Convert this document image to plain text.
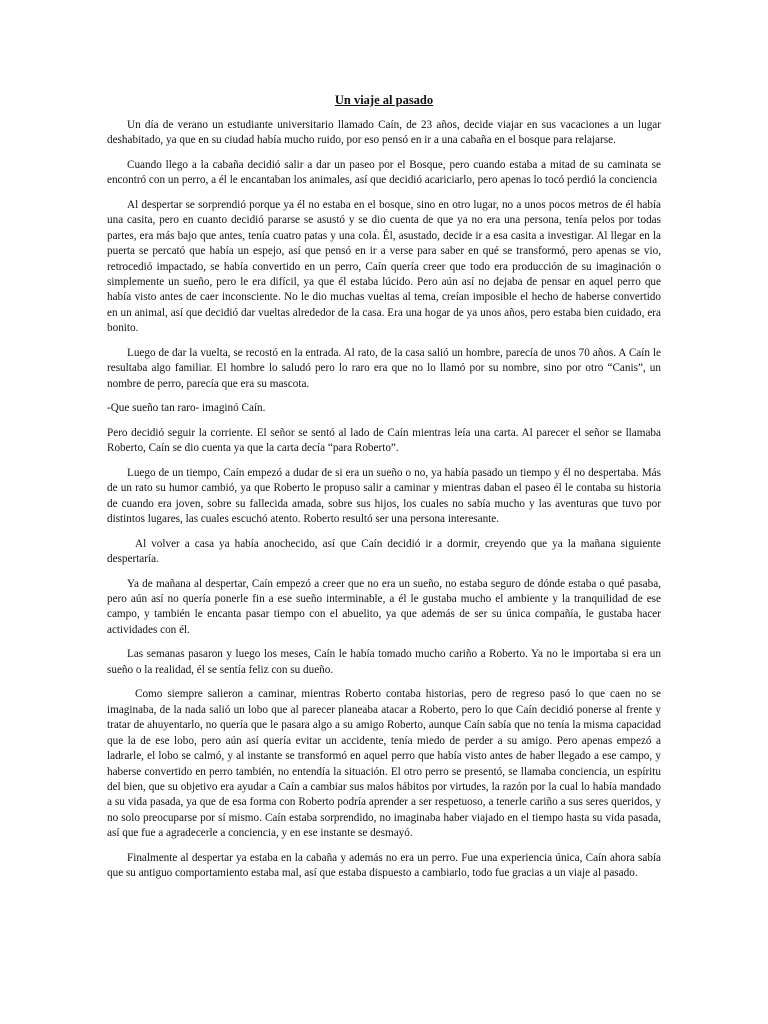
Un viaje al pasado

Un día de verano un estudiante universitario llamado Caín, de 23 años, decide viajar en sus vacaciones a un lugar deshabitado, ya que en su ciudad había mucho ruido, por eso pensó en ir a una cabaña en el bosque para relajarse.

Cuando llego a la cabaña decidió salir a dar un paseo por el Bosque, pero cuando estaba a mitad de su caminata se encontró con un perro, a él le encantaban los animales, así que decidió acariciarlo, pero apenas lo tocó perdió la conciencia

Al despertar se sorprendió porque ya él no estaba en el bosque, sino en otro lugar, no a unos pocos metros de él había una casita, pero en cuanto decidió pararse se asustó y se dio cuenta de que ya no era una persona, tenía pelos por todas partes, era más bajo que antes, tenía cuatro patas y una cola. Él, asustado, decide ir a esa casita a investigar. Al llegar en la puerta se percató que había un espejo, así que pensó en ir a verse para saber en qué se transformó, pero apenas se vio, retrocedió impactado, se había convertido en un perro, Caín quería creer que todo era producción de su imaginación o simplemente un sueño, pero le era difícil, ya que él estaba lúcido. Pero aún así no dejaba de pensar en aquel perro que había visto antes de caer inconsciente. No le dio muchas vueltas al tema, creían imposible el hecho de haberse convertido en un animal, así que decidió dar vueltas alrededor de la casa. Era una hogar de ya unos años, pero estaba bien cuidado, era bonito.

Luego de dar la vuelta, se recostó en la entrada. Al rato, de la casa salió un hombre, parecía de unos 70 años. A Caín le resultaba algo familiar. El hombre lo saludó pero lo raro era que no lo llamó por su nombre, sino por otro “Canis”, un nombre de perro, parecía que era su mascota.

-Que sueño tan raro- imaginó Caín.

Pero decidió seguir la corriente. El señor se sentó al lado de Caín mientras leía una carta. Al parecer el señor se llamaba Roberto, Caín se dio cuenta ya que la carta decía “para Roberto”.

Luego de un tiempo, Caín empezó a dudar de si era un sueño o no, ya había pasado un tiempo y él no despertaba. Más de un rato su humor cambió, ya que Roberto le propuso salir a caminar y mientras daban el paseo él le contaba su historia de cuando era joven, sobre su fallecida amada, sobre sus hijos, los cuales no sabía mucho y las aventuras que tuvo por distintos lugares, las cuales escuchó atento. Roberto resultó ser una persona interesante.

Al volver a casa ya había anochecido, así que Caín decidió ir a dormir, creyendo que ya la mañana siguiente despertaría.

Ya de mañana al despertar, Caín empezó a creer que no era un sueño, no estaba seguro de dónde estaba o qué pasaba, pero aún así no quería ponerle fin a ese sueño interminable, a él le gustaba mucho el ambiente y la tranquilidad de ese campo, y también le encanta pasar tiempo con el abuelito, ya que además de ser su única compañía, le gustaba hacer actividades con él.

Las semanas pasaron y luego los meses, Caín le había tomado mucho cariño a Roberto. Ya no le importaba si era un sueño o la realidad, él se sentía feliz con su dueño.

Como siempre salieron a caminar, mientras Roberto contaba historias, pero de regreso pasó lo que caen no se imaginaba, de la nada salió un lobo que al parecer planeaba atacar a Roberto, pero lo que Caín decidió ponerse al frente y tratar de ahuyentarlo, no quería que le pasara algo a su amigo Roberto, aunque Caín sabía que no tenía la misma capacidad que la de ese lobo, pero aún así quería evitar un accidente, tenía miedo de perder a su amigo. Pero apenas empezó a ladrarle, el lobo se calmó, y al instante se transformó en aquel perro que había visto antes de haber llegado a ese campo, y haberse convertido en perro también, no entendía la situación. El otro perro se presentó, se llamaba conciencia, un espíritu del bien, que su objetivo era ayudar a Caín a cambiar sus malos hábitos por virtudes, la razón por la cual lo había mandado a su vida pasada, ya que de esa forma con Roberto podría aprender a ser respetuoso, a tenerle cariño a sus seres queridos, y no solo preocuparse por sí mismo. Caín estaba sorprendido, no imaginaba haber viajado en el tiempo hasta su vida pasada, así que fue a agradecerle a conciencia, y en ese instante se desmayó.

Finalmente al despertar ya estaba en la cabaña y además no era un perro. Fue una experiencia única, Caín ahora sabía que su antiguo comportamiento estaba mal, así que estaba dispuesto a cambiarlo, todo fue gracias a un viaje al pasado.
